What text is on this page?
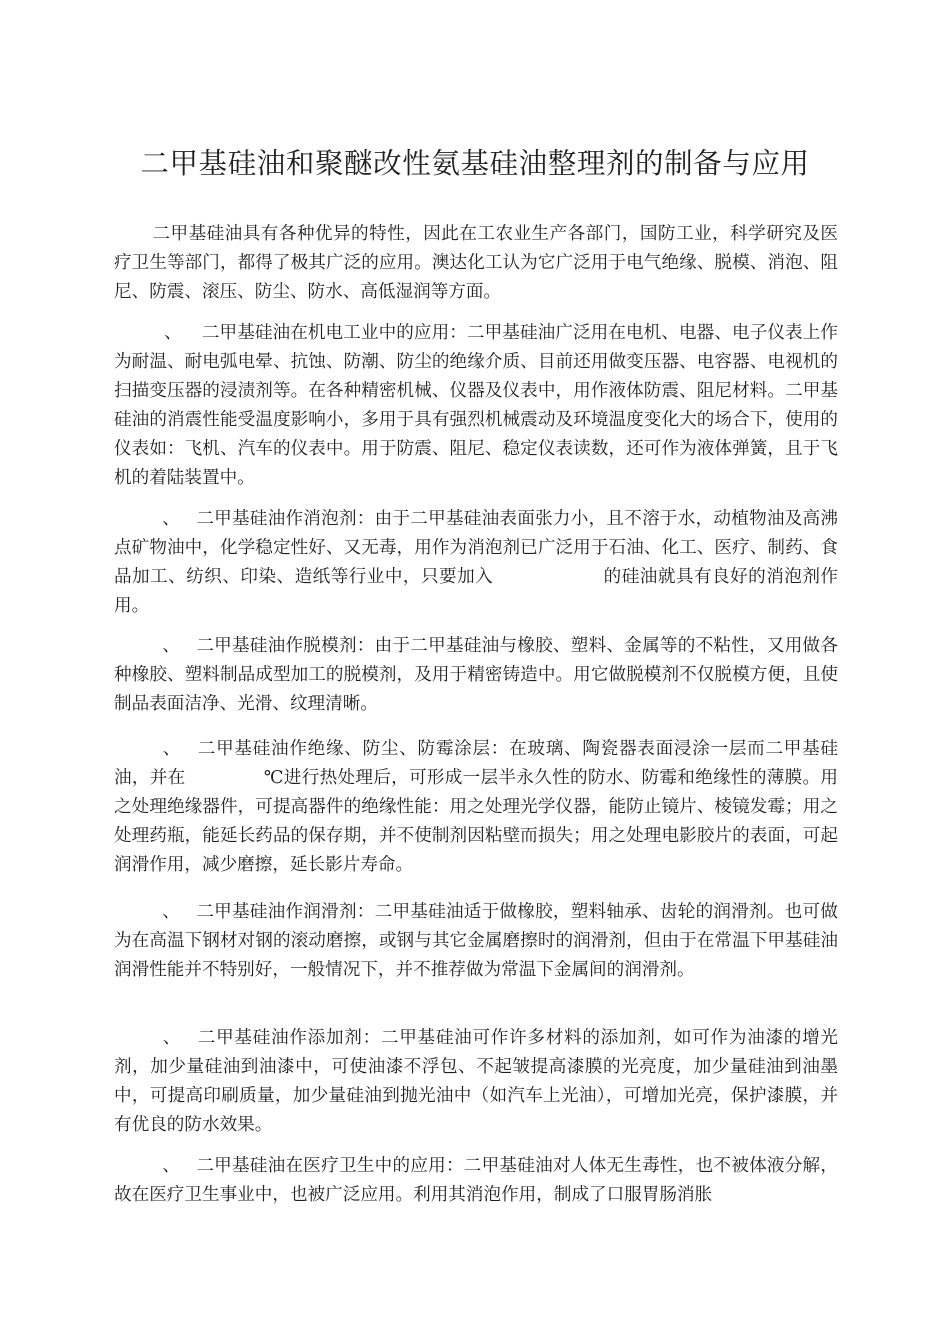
二甲基硅油和聚醚改性氨基硅油整理剂的制备与应用

二甲基硅油具有各种优异的特性，因此在工农业生产各部门，国防工业，科学研究及医疗卫生等部门，都得了极其广泛的应用。澳达化工认为它广泛用于电气绝缘、脱模、消泡、阻尼、防震、滚压、防尘、防水、高低湿润等方面。

、 二甲基硅油在机电工业中的应用：二甲基硅油广泛用在电机、电器、电子仪表上作为耐温、耐电弧电晕、抗蚀、防潮、防尘的绝缘介质、目前还用做变压器、电容器、电视机的扫描变压器的浸渍剂等。在各种精密机械、仪器及仪表中，用作液体防震、阻尼材料。二甲基硅油的消震性能受温度影响小，多用于具有强烈机械震动及环境温度变化大的场合下，使用的仪表如：飞机、汽车的仪表中。用于防震、阻尼、稳定仪表读数，还可作为液体弹簧，且于飞机的着陆装置中。

、 二甲基硅油作消泡剂：由于二甲基硅油表面张力小，且不溶于水，动植物油及高沸点矿物油中，化学稳定性好、又无毒，用作为消泡剂已广泛用于石油、化工、医疗、制药、食品加工、纺织、印染、造纸等行业中，只要加入	的硅油就具有良好的消泡剂作用。

、 二甲基硅油作脱模剂：由于二甲基硅油与橡胶、塑料、金属等的不粘性，又用做各种橡胶、塑料制品成型加工的脱模剂，及用于精密铸造中。用它做脱模剂不仅脱模方便，且使制品表面洁净、光滑、纹理清晰。

、 二甲基硅油作绝缘、防尘、防霉涂层：在玻璃、陶瓷器表面浸涂一层而二甲基硅油，并在	℃进行热处理后，可形成一层半永久性的防水、防霉和绝缘性的薄膜。用之处理绝缘器件，可提高器件的绝缘性能：用之处理光学仪器，能防止镜片、棱镜发霉；用之处理药瓶，能延长药品的保存期，并不使制剂因粘壁而损失；用之处理电影胶片的表面，可起润滑作用，减少磨擦，延长影片寿命。

、 二甲基硅油作润滑剂：二甲基硅油适于做橡胶，塑料轴承、齿轮的润滑剂。也可做为在高温下钢材对钢的滚动磨擦，或钢与其它金属磨擦时的润滑剂，但由于在常温下甲基硅油润滑性能并不特别好，一般情况下，并不推荐做为常温下金属间的润滑剂。

、 二甲基硅油作添加剂：二甲基硅油可作许多材料的添加剂，如可作为油漆的增光剂，加少量硅油到油漆中，可使油漆不浮包、不起皱提高漆膜的光亮度，加少量硅油到油墨中，可提高印刷质量，加少量硅油到抛光油中（如汽车上光油），可增加光亮，保护漆膜，并有优良的防水效果。

、 二甲基硅油在医疗卫生中的应用：二甲基硅油对人体无生毒性，也不被体液分解，故在医疗卫生事业中，也被广泛应用。利用其消泡作用，制成了口服胃肠消胀
